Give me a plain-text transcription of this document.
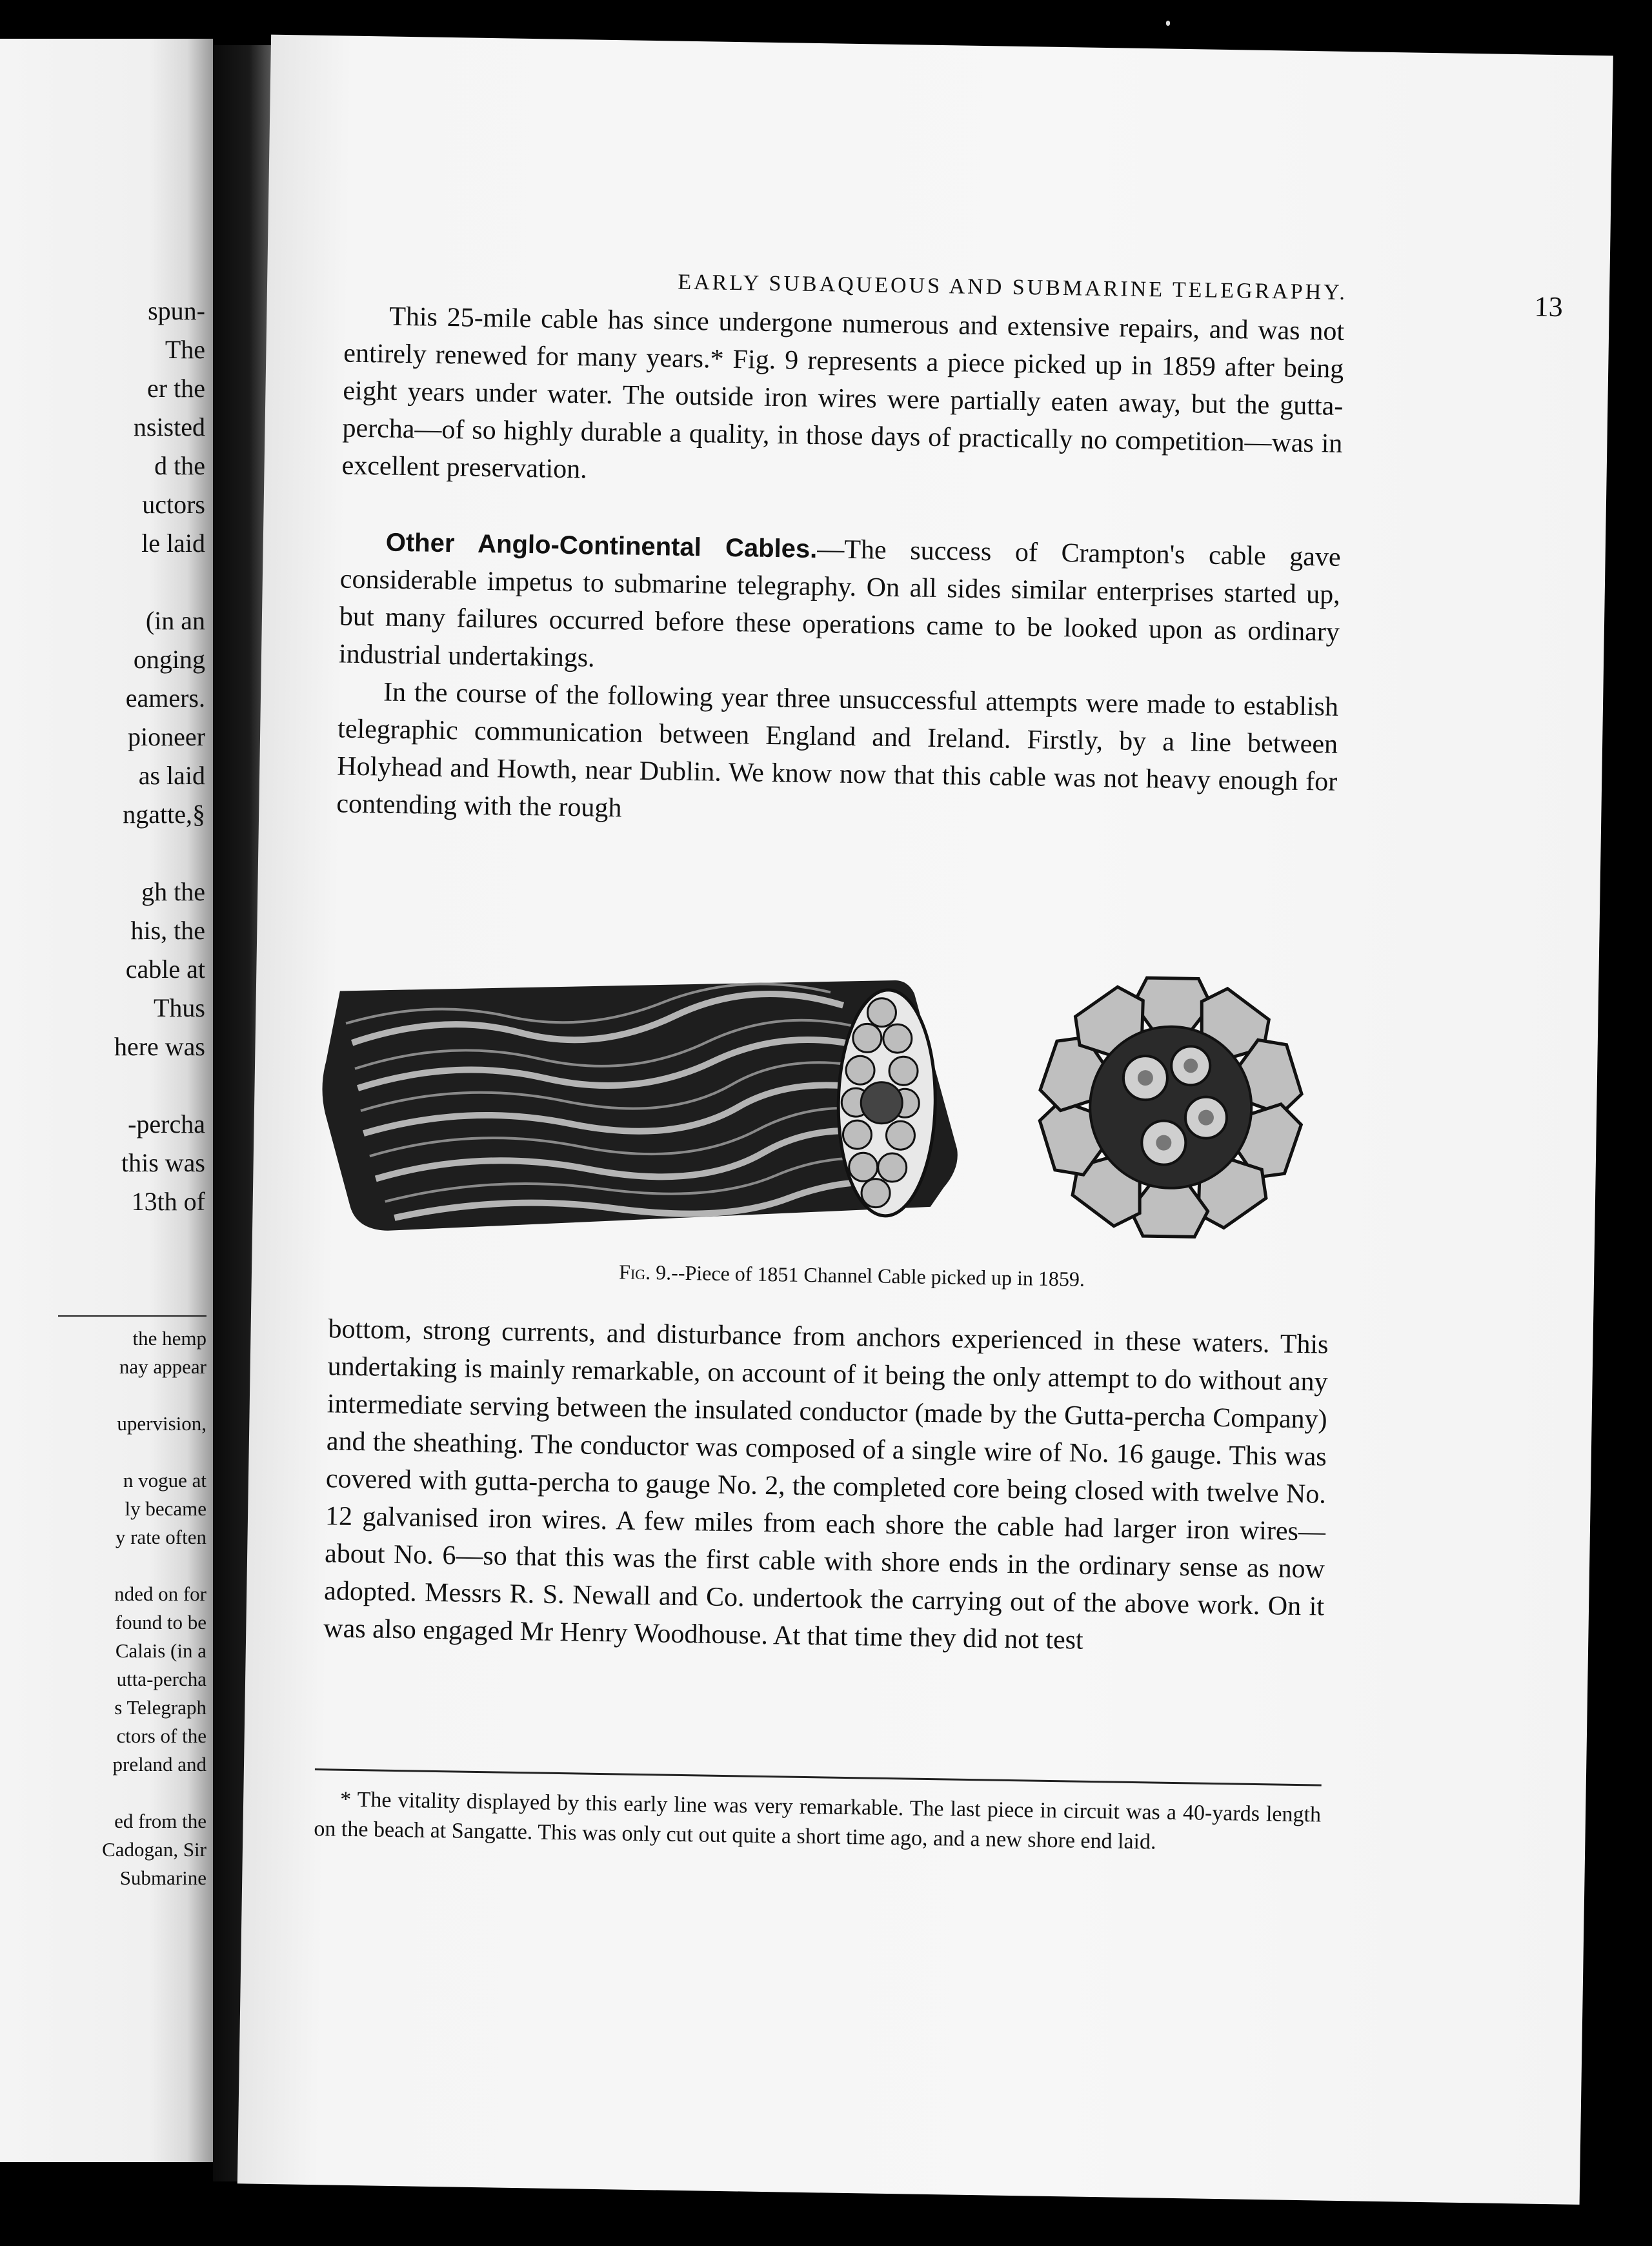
spun-
The
er the
nsisted
d the
uctors
le laid

(in an
onging
eamers.
pioneer
as laid
ngatte,§

gh the
his, the
cable at
Thus
here was

-percha
this was
13th of
the hemp
nay appear

upervision,

n vogue at
ly became
y rate often

nded on for
found to be
Calais (in a
utta-percha
s Telegraph
ctors of the
preland and

ed from the
Cadogan, Sir
Submarine
EARLY SUBAQUEOUS AND SUBMARINE TELEGRAPHY.
13

This 25-mile cable has since undergone numerous and extensive repairs, and was not entirely renewed for many years.* Fig. 9 represents a piece picked up in 1859 after being eight years under water. The outside iron wires were partially eaten away, but the gutta-percha—of so highly durable a quality, in those days of practically no competition—was in excellent preservation.

Other Anglo-Continental Cables.—The success of Crampton's cable gave considerable impetus to submarine telegraphy. On all sides similar enterprises started up, but many failures occurred before these operations came to be looked upon as ordinary industrial undertakings.

In the course of the following year three unsuccessful attempts were made to establish telegraphic communication between England and Ireland. Firstly, by a line between Holyhead and Howth, near Dublin. We know now that this cable was not heavy enough for contending with the rough

Fig. 9.--Piece of 1851 Channel Cable picked up in 1859.

bottom, strong currents, and disturbance from anchors experienced in these waters. This undertaking is mainly remarkable, on account of it being the only attempt to do without any intermediate serving between the insulated conductor (made by the Gutta-percha Company) and the sheathing. The conductor was composed of a single wire of No. 16 gauge. This was covered with gutta-percha to gauge No. 2, the completed core being closed with twelve No. 12 galvanised iron wires. A few miles from each shore the cable had larger iron wires—about No. 6—so that this was the first cable with shore ends in the ordinary sense as now adopted. Messrs R. S. Newall and Co. undertook the carrying out of the above work. On it was also engaged Mr Henry Woodhouse. At that time they did not test

* The vitality displayed by this early line was very remarkable. The last piece in circuit was a 40-yards length on the beach at Sangatte. This was only cut out quite a short time ago, and a new shore end laid.
